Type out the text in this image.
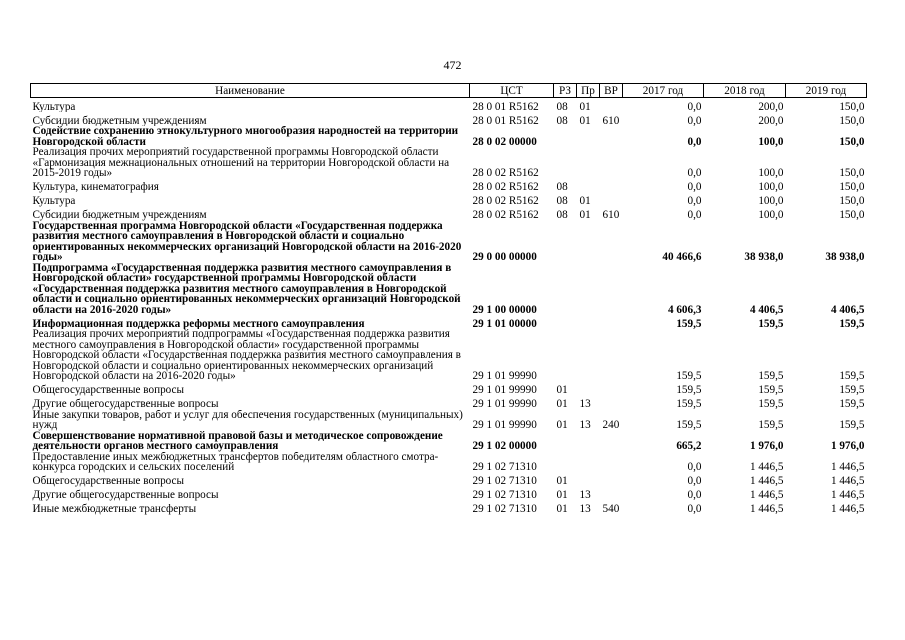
472
Наименование	ЦСТ	РЗ	Пр	ВР	2017 год	2018 год	2019 год
Культура	28 0 01 R5162	08	01		0,0	200,0	150,0
Субсидии бюджетным учреждениям	28 0 01 R5162	08	01	610	0,0	200,0	150,0
Содействие сохранению этнокультурного многообразия народностей на территории Новгородской области	28 0 02 00000				0,0	100,0	150,0
Реализация прочих мероприятий государственной программы Новгородской области «Гармонизация межнациональных отношений на территории Новгородской области на 2015-2019 годы»	28 0 02 R5162				0,0	100,0	150,0
Культура, кинематография	28 0 02 R5162	08			0,0	100,0	150,0
Культура	28 0 02 R5162	08	01		0,0	100,0	150,0
Субсидии бюджетным учреждениям	28 0 02 R5162	08	01	610	0,0	100,0	150,0
Государственная программа Новгородской области «Государственная поддержка развития местного самоуправления в Новгородской области и социально ориентированных некоммерческих организаций Новгородской области на 2016-2020 годы»	29 0 00 00000				40 466,6	38 938,0	38 938,0
Подпрограмма «Государственная поддержка развития местного самоуправления в Новгородской области» государственной программы Новгородской области «Государственная поддержка развития местного самоуправления в Новгородской области и социально ориентированных некоммерческих организаций Новгородской области на 2016-2020 годы»	29 1 00 00000				4 606,3	4 406,5	4 406,5
Информационная поддержка реформы местного самоуправления	29 1 01 00000				159,5	159,5	159,5
Реализация прочих мероприятий подпрограммы «Государственная поддержка развития местного самоуправления в Новгородской области» государственной программы Новгородской области «Государственная поддержка развития местного самоуправления в Новгородской области и социально ориентированных некоммерческих организаций Новгородской области на 2016-2020 годы»	29 1 01 99990				159,5	159,5	159,5
Общегосударственные вопросы	29 1 01 99990	01			159,5	159,5	159,5
Другие общегосударственные вопросы	29 1 01 99990	01	13		159,5	159,5	159,5
Иные закупки товаров, работ и услуг для обеспечения государственных (муниципальных) нужд	29 1 01 99990	01	13	240	159,5	159,5	159,5
Совершенствование нормативной правовой базы и методическое сопровождение деятельности органов местного самоуправления	29 1 02 00000				665,2	1 976,0	1 976,0
Предоставление иных межбюджетных трансфертов победителям областного смотра-конкурса городских и сельских поселений	29 1 02 71310				0,0	1 446,5	1 446,5
Общегосударственные вопросы	29 1 02 71310	01			0,0	1 446,5	1 446,5
Другие общегосударственные вопросы	29 1 02 71310	01	13		0,0	1 446,5	1 446,5
Иные межбюджетные трансферты	29 1 02 71310	01	13	540	0,0	1 446,5	1 446,5
